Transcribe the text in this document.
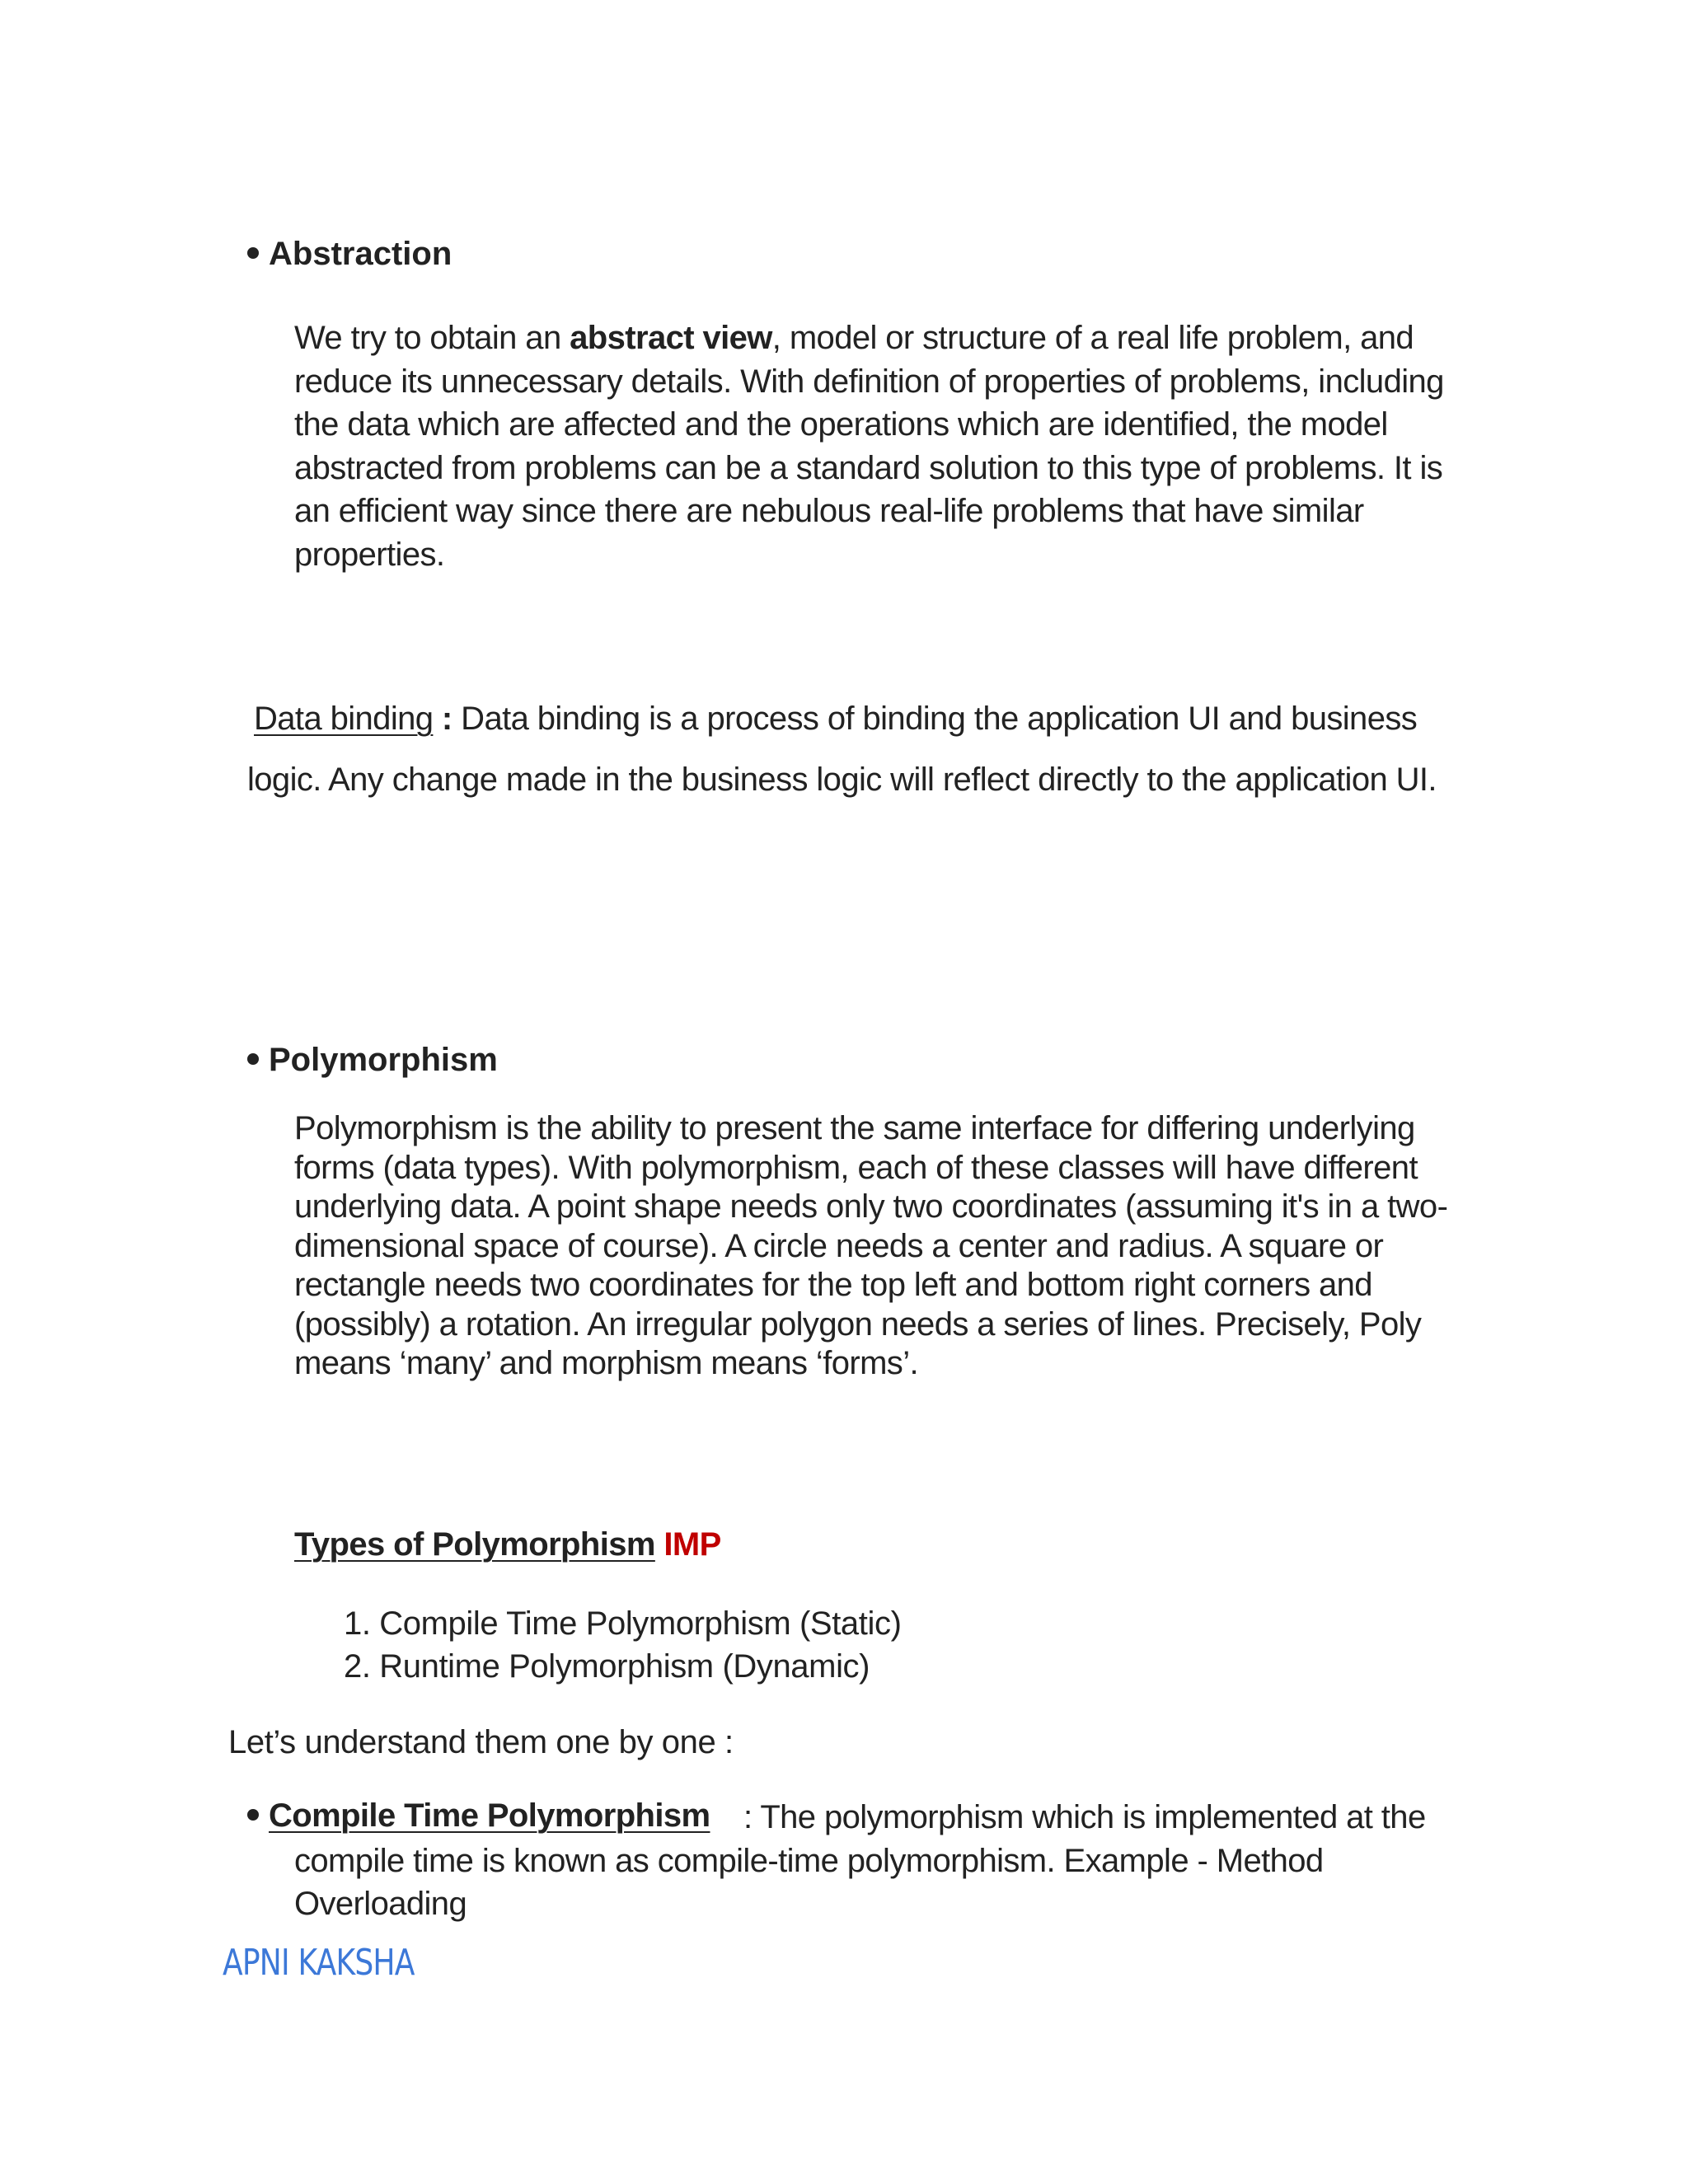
Abstraction
We try to obtain an abstract view, model or structure of a real life problem, and reduce its unnecessary details. With definition of properties of problems, including the data which are affected and the operations which are identified, the model abstracted from problems can be a standard solution to this type of problems. It is an efficient way since there are nebulous real-life problems that have similar properties.
Data binding : Data binding is a process of binding the application UI and business logic. Any change made in the business logic will reflect directly to the application UI.
Polymorphism
Polymorphism is the ability to present the same interface for differing underlying forms (data types). With polymorphism, each of these classes will have different underlying data. A point shape needs only two coordinates (assuming it's in a two-dimensional space of course). A circle needs a center and radius. A square or rectangle needs two coordinates for the top left and bottom right corners and (possibly) a rotation. An irregular polygon needs a series of lines. Precisely, Poly means ‘many’ and morphism means ‘forms’.
Types of Polymorphism IMP
1. Compile Time Polymorphism (Static)
2. Runtime Polymorphism (Dynamic)
Let’s understand them one by one :
Compile Time Polymorphism	: The polymorphism which is implemented at the compile time is known as compile-time polymorphism. Example - Method Overloading
APNI KAKSHA
